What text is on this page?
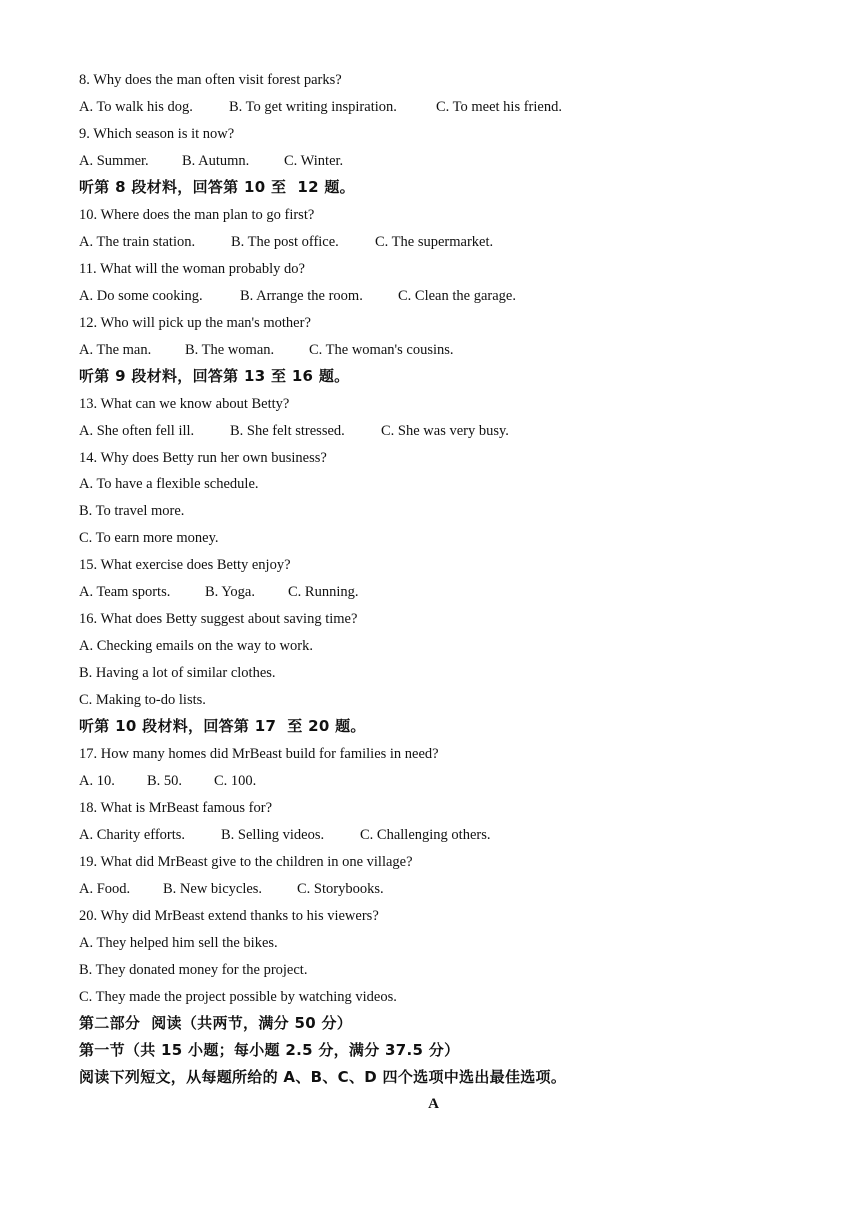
8. Why does the man often visit forest parks?

A. To walk his dog.

B. To get writing inspiration.

	C. To meet his friend.

9. Which season is it now?

A. Summer.

B. Autumn.

C. Winter.

听第 8 段材料，回答第 10 至  12 题。
10. Where does the man plan to go first?

A. The train station.

B. The post office.

C. The supermarket.

11. What will the woman probably do?

A. Do some cooking.

	B. Arrange the room.

C. Clean the garage.

12. Who will pick up the man's mother?

A. The man.

B. The woman.

C. The woman's cousins.

听第 9 段材料，回答第 13 至 16 题。
13. What can we know about Betty?

A. She often fell ill.

B. She felt stressed.

C. She was very busy.

14. Why does Betty run her own business?
A. To have a flexible schedule.
B. To travel more.
C. To earn more money.
15. What exercise does Betty enjoy?

A. Team sports.

B. Yoga.

C. Running.

16. What does Betty suggest about saving time?
A. Checking emails on the way to work.
B. Having a lot of similar clothes.
C. Making to-do lists.
听第 10 段材料，回答第 17  至 20 题。
17. How many homes did MrBeast build for families in need?

A. 10.

B. 50.

C. 100.

18. What is MrBeast famous for?

A. Charity efforts.

B. Selling videos.

C. Challenging others.

19. What did MrBeast give to the children in one village?

A. Food.

B. New bicycles.

C. Storybooks.

20. Why did MrBeast extend thanks to his viewers?
A. They helped him sell the bikes.
B. They donated money for the project.
C. They made the project possible by watching videos.
第二部分  阅读（共两节，满分 50 分）
第一节（共 15 小题；每小题 2.5 分，满分 37.5 分）
阅读下列短文，从每题所给的 A、B、C、D 四个选项中选出最佳选项。
A
